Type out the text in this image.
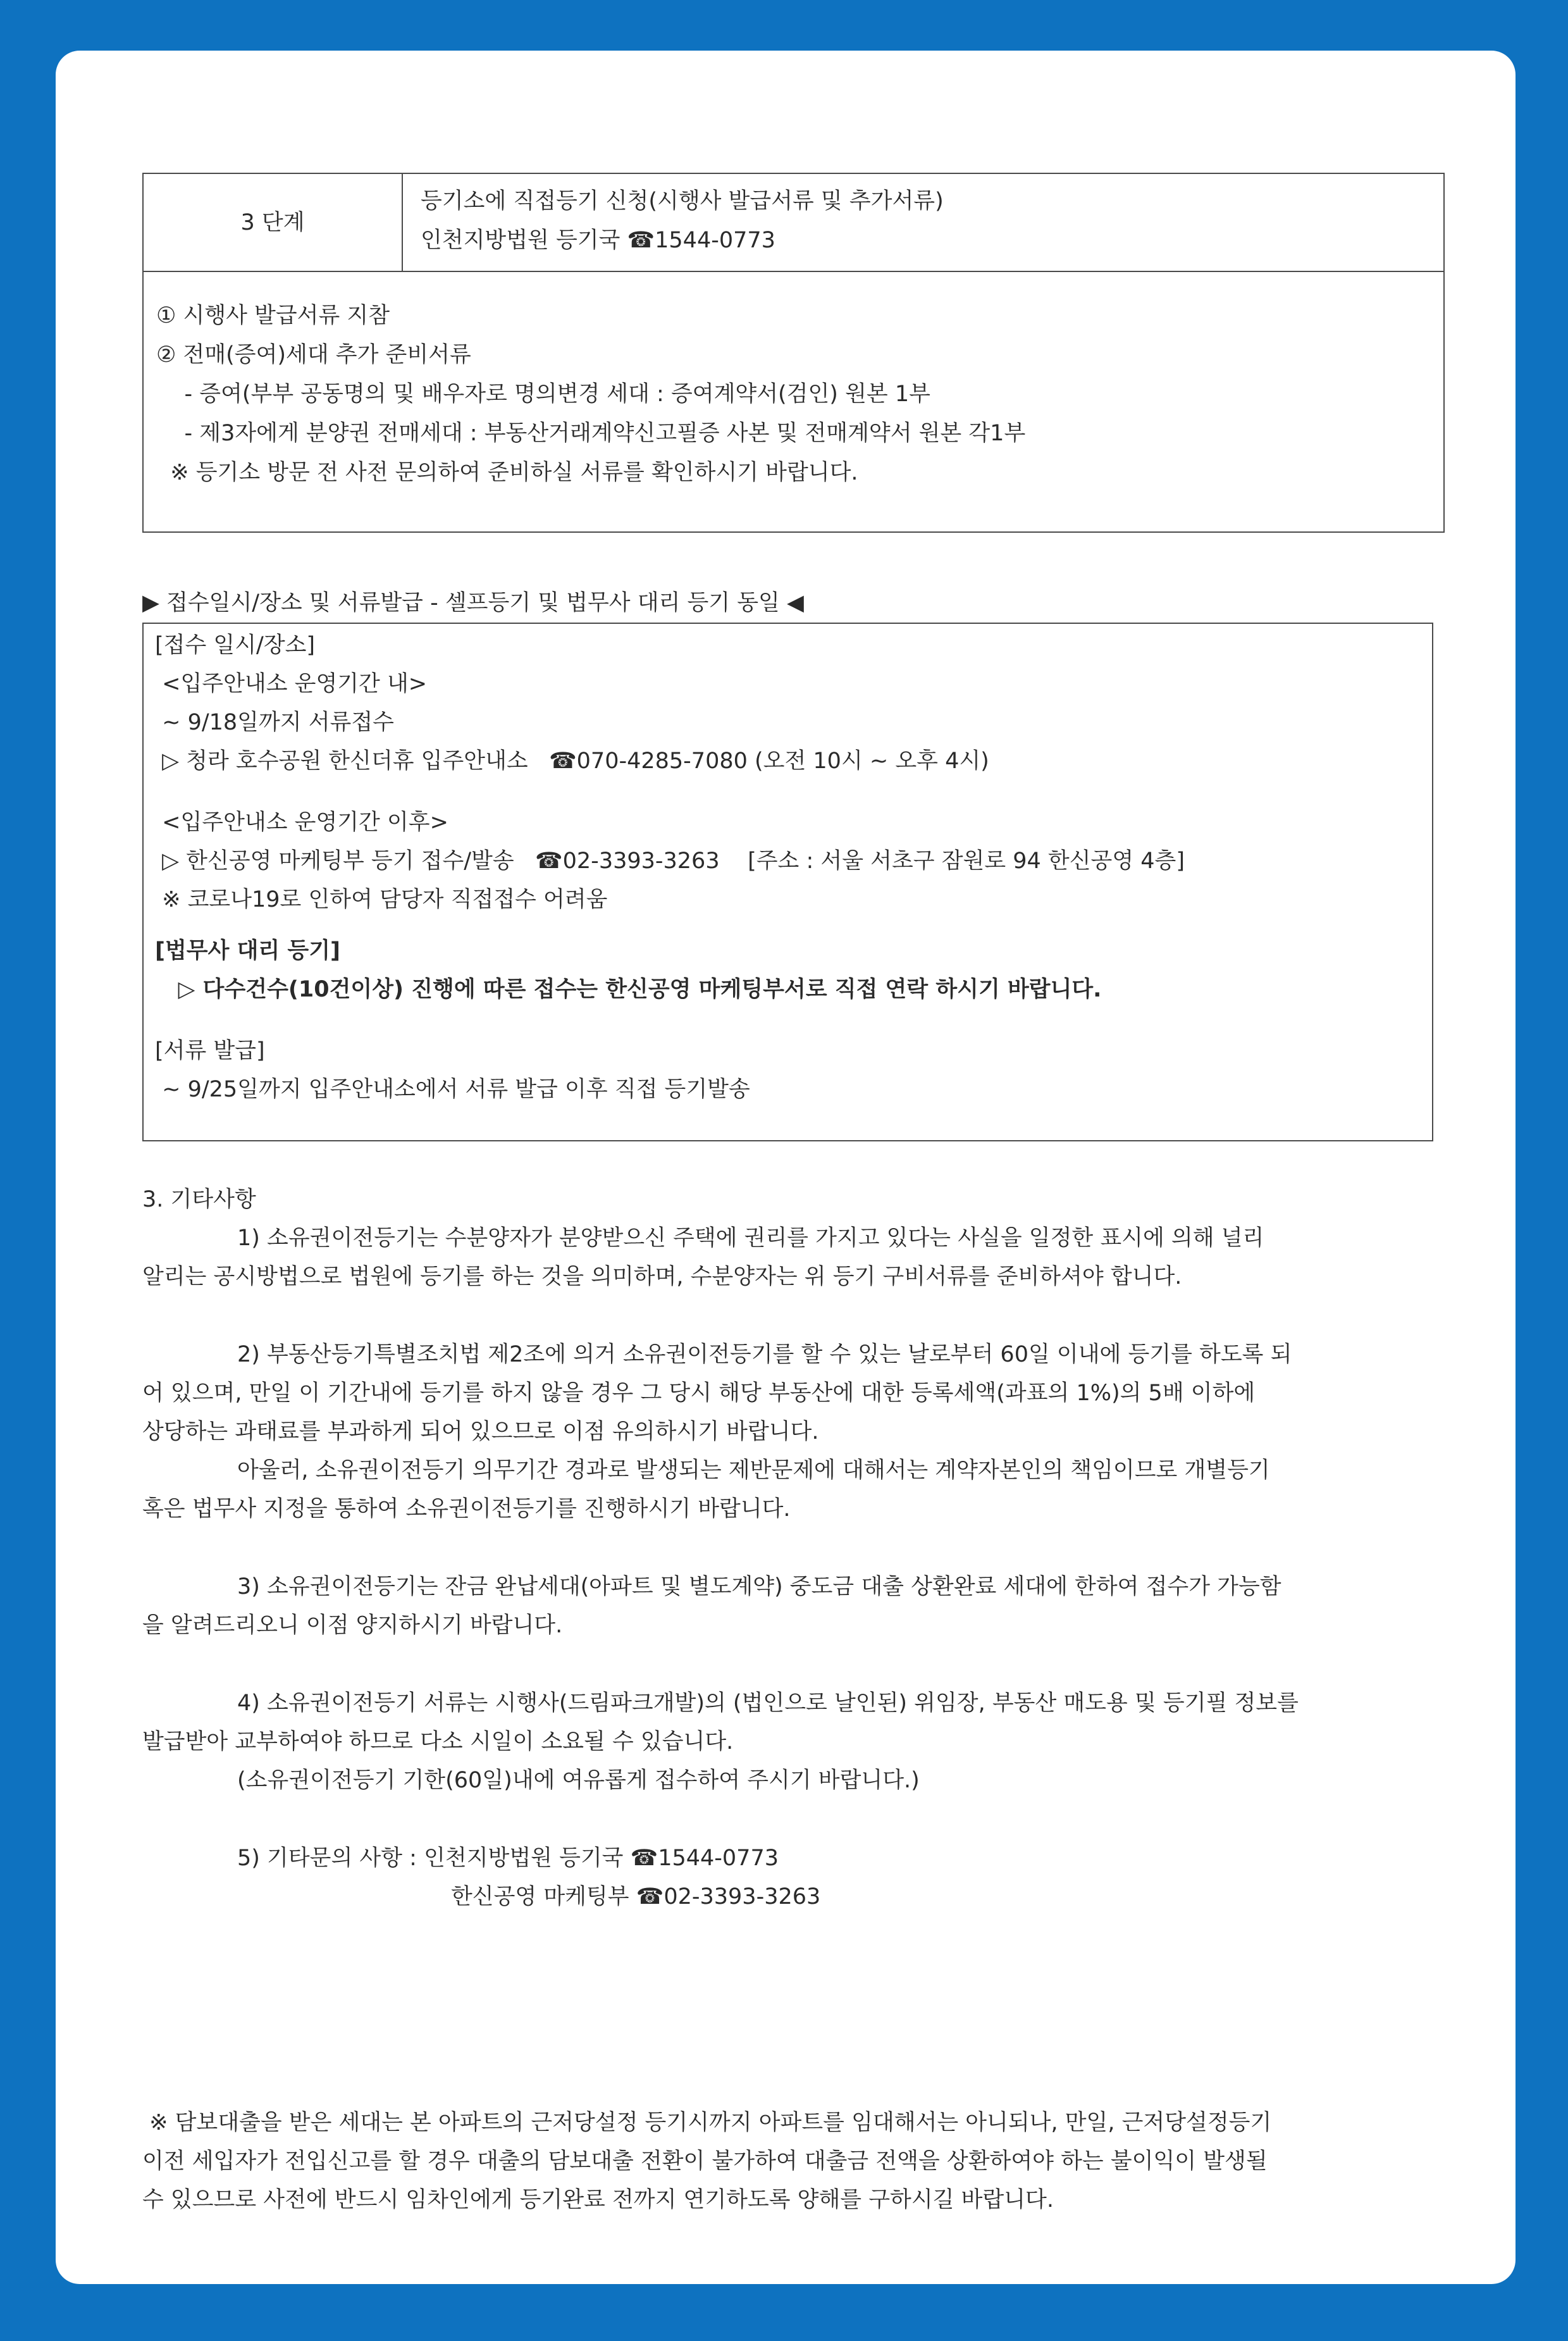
3 단계
등기소에 직접등기 신청(시행사 발급서류 및 추가서류)
인천지방법원 등기국 ☎1544-0773
① 시행사 발급서류 지참
② 전매(증여)세대 추가 준비서류
- 증여(부부 공동명의 및 배우자로 명의변경 세대 : 증여계약서(검인) 원본 1부
- 제3자에게 분양권 전매세대 : 부동산거래계약신고필증 사본 및 전매계약서 원본 각1부
※ 등기소 방문 전 사전 문의하여 준비하실 서류를 확인하시기 바랍니다.
▶ 접수일시/장소 및 서류발급 - 셀프등기 및 법무사 대리 등기 동일 ◀
[접수 일시/장소]
<입주안내소 운영기간 내>
~ 9/18일까지 서류접수
▷ 청라 호수공원 한신더휴 입주안내소   ☎070-4285-7080 (오전 10시 ~ 오후 4시)
<입주안내소 운영기간 이후>
▷ 한신공영 마케팅부 등기 접수/발송   ☎02-3393-3263    [주소 : 서울 서초구 잠원로 94 한신공영 4층]
※ 코로나19로 인하여 담당자 직접접수 어려움
[법무사 대리 등기]
▷ 다수건수(10건이상) 진행에 따른 접수는 한신공영 마케팅부서로 직접 연락 하시기 바랍니다.
[서류 발급]
~ 9/25일까지 입주안내소에서 서류 발급 이후 직접 등기발송
3. 기타사항
1) 소유권이전등기는 수분양자가 분양받으신 주택에 권리를 가지고 있다는 사실을 일정한 표시에 의해 널리
알리는 공시방법으로 법원에 등기를 하는 것을 의미하며, 수분양자는 위 등기 구비서류를 준비하셔야 합니다.
2) 부동산등기특별조치법 제2조에 의거 소유권이전등기를 할 수 있는 날로부터 60일 이내에 등기를 하도록 되
어 있으며, 만일 이 기간내에 등기를 하지 않을 경우 그 당시 해당 부동산에 대한 등록세액(과표의 1%)의 5배 이하에
상당하는 과태료를 부과하게 되어 있으므로 이점 유의하시기 바랍니다.
아울러, 소유권이전등기 의무기간 경과로 발생되는 제반문제에 대해서는 계약자본인의 책임이므로 개별등기
혹은 법무사 지정을 통하여 소유권이전등기를 진행하시기 바랍니다.
3) 소유권이전등기는 잔금 완납세대(아파트 및 별도계약) 중도금 대출 상환완료 세대에 한하여 접수가 가능함
을 알려드리오니 이점 양지하시기 바랍니다.
4) 소유권이전등기 서류는 시행사(드림파크개발)의 (법인으로 날인된) 위임장, 부동산 매도용 및 등기필 정보를
발급받아 교부하여야 하므로 다소 시일이 소요될 수 있습니다.
(소유권이전등기 기한(60일)내에 여유롭게 접수하여 주시기 바랍니다.)
5) 기타문의 사항 : 인천지방법원 등기국 ☎1544-0773
한신공영 마케팅부 ☎02-3393-3263
※ 담보대출을 받은 세대는 본 아파트의 근저당설정 등기시까지 아파트를 임대해서는 아니되나, 만일, 근저당설정등기
이전 세입자가 전입신고를 할 경우 대출의 담보대출 전환이 불가하여 대출금 전액을 상환하여야 하는 불이익이 발생될
수 있으므로 사전에 반드시 임차인에게 등기완료 전까지 연기하도록 양해를 구하시길 바랍니다.
